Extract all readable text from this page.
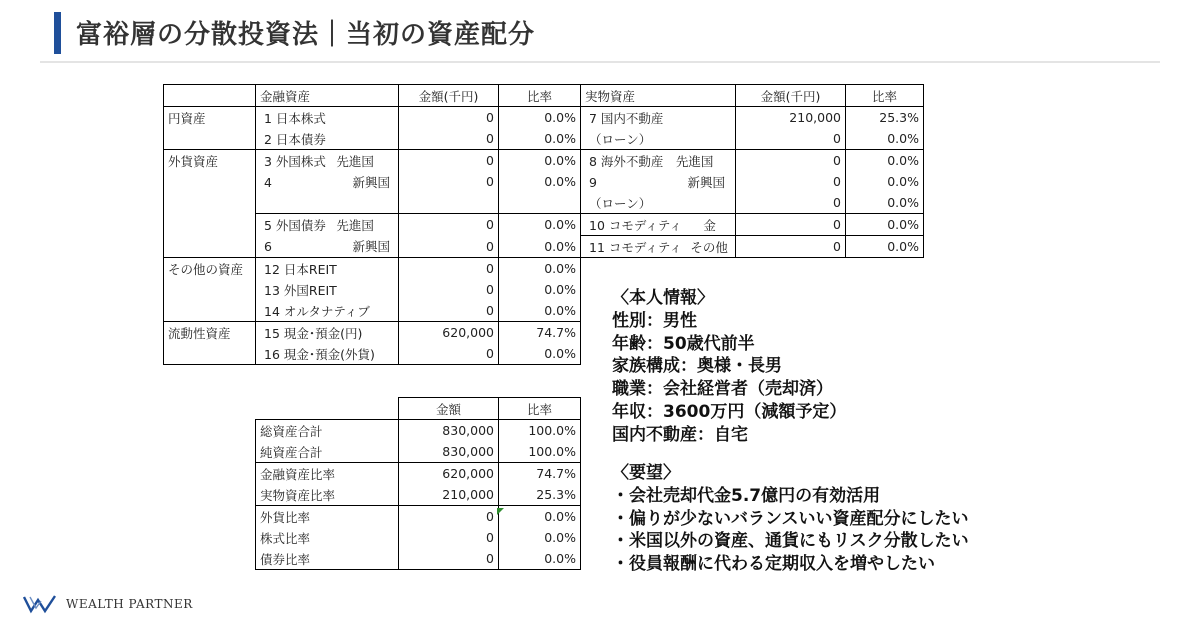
富裕層の分散投資法｜当初の資産配分
	金融資産	金額(千円)	比率	実物資産	金額(千円)	比率
円資産	1 日本株式	0	0.0%	7 国内不動産	210,000	25.3%
	2 日本債券	0	0.0%	（ローン）	0	0.0%
外貨資産	3 外国株式 先進国	0	0.0%	8 海外不動産 先進国	0	0.0%
	4 新興国	0	0.0%	9 新興国	0	0.0%
				（ローン）	0	0.0%
	5 外国債券 先進国	0	0.0%	10 コモディティ 金	0	0.0%
	6 新興国	0	0.0%	11 コモディティ その他	0	0.0%
その他の資産	12 日本REIT	0	0.0%			
	13 外国REIT	0	0.0%			
	14 オルタナティブ	0	0.0%			
流動性資産	15 現金･預金(円)	620,000	74.7%			
	16 現金･預金(外貨)	0	0.0%			
	金額	比率
総資産合計	830,000	100.0%
純資産合計	830,000	100.0%
金融資産比率	620,000	74.7%
実物資産比率	210,000	25.3%
外貨比率	0	0.0%
株式比率	0	0.0%
債券比率	0	0.0%
〈本人情報〉
性別：男性
年齢：50歳代前半
家族構成：奥様・長男
職業：会社経営者（売却済）
年収：3600万円（減額予定）
国内不動産：自宅
〈要望〉
・会社売却代金5.7億円の有効活用
・偏りが少ないバランスいい資産配分にしたい
・米国以外の資産、通貨にもリスク分散したい
・役員報酬に代わる定期収入を増やしたい
WEALTH PARTNER
